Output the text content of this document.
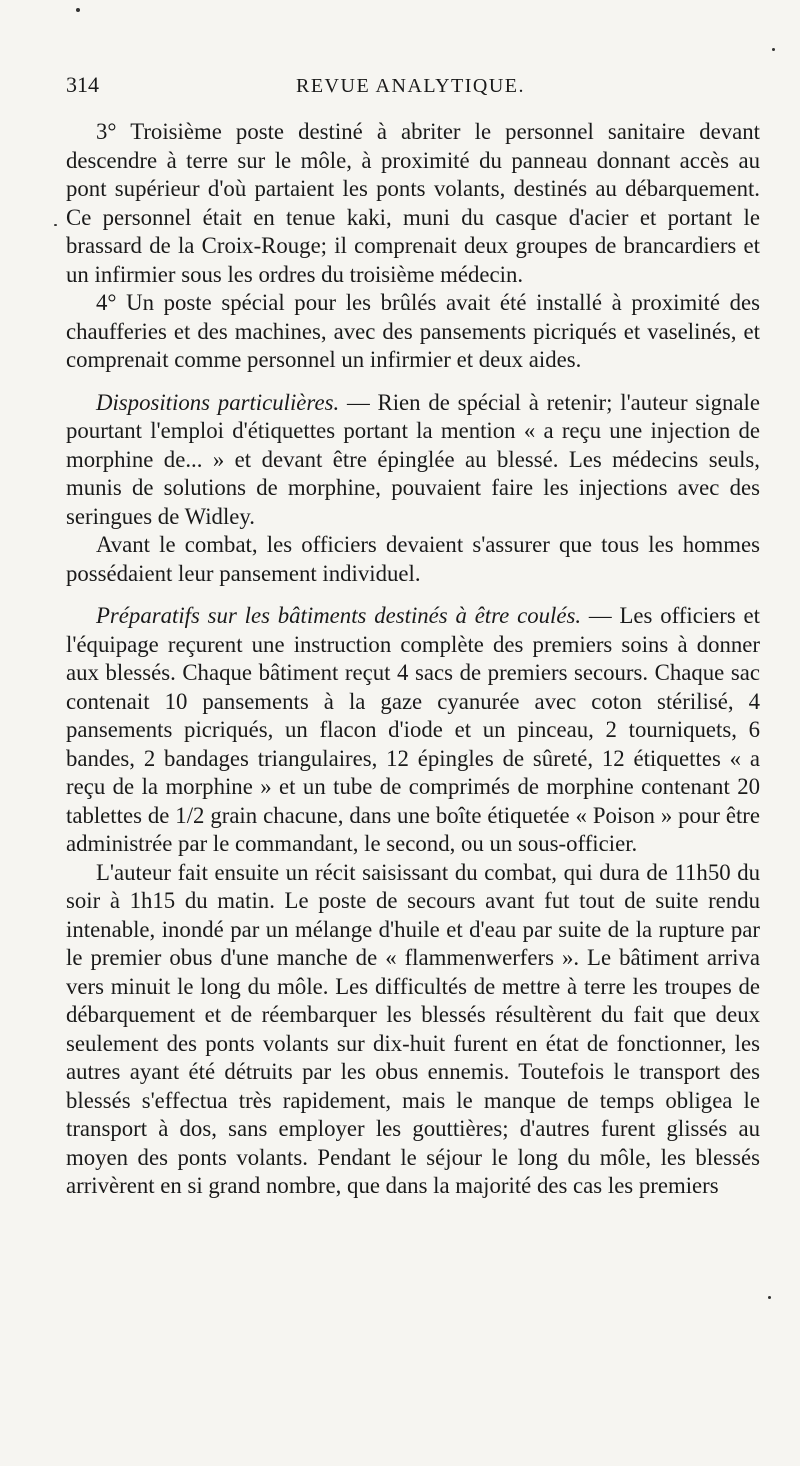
314	REVUE ANALYTIQUE.

3° Troisième poste destiné à abriter le personnel sanitaire devant descendre à terre sur le môle, à proximité du panneau donnant accès au pont supérieur d'où partaient les ponts volants, destinés au débarquement. Ce personnel était en tenue kaki, muni du casque d'acier et portant le brassard de la Croix-Rouge; il comprenait deux groupes de brancardiers et un infirmier sous les ordres du troisième médecin.

4° Un poste spécial pour les brûlés avait été installé à proximité des chaufferies et des machines, avec des pansements picriqués et vaselinés, et comprenait comme personnel un infirmier et deux aides.

Dispositions particulières. — Rien de spécial à retenir; l'auteur signale pourtant l'emploi d'étiquettes portant la mention « a reçu une injection de morphine de... » et devant être épinglée au blessé. Les médecins seuls, munis de solutions de morphine, pouvaient faire les injections avec des seringues de Widley.

Avant le combat, les officiers devaient s'assurer que tous les hommes possédaient leur pansement individuel.

Préparatifs sur les bâtiments destinés à être coulés. — Les officiers et l'équipage reçurent une instruction complète des premiers soins à donner aux blessés. Chaque bâtiment reçut 4 sacs de premiers secours. Chaque sac contenait 10 pansements à la gaze cyanurée avec coton stérilisé, 4 pansements picriqués, un flacon d'iode et un pinceau, 2 tourniquets, 6 bandes, 2 bandages triangulaires, 12 épingles de sûreté, 12 étiquettes « a reçu de la morphine » et un tube de comprimés de morphine contenant 20 tablettes de 1/2 grain chacune, dans une boîte étiquetée « Poison » pour être administrée par le commandant, le second, ou un sous-officier.

L'auteur fait ensuite un récit saisissant du combat, qui dura de 11h50 du soir à 1h15 du matin. Le poste de secours avant fut tout de suite rendu intenable, inondé par un mélange d'huile et d'eau par suite de la rupture par le premier obus d'une manche de « flammenwerfers ». Le bâtiment arriva vers minuit le long du môle. Les difficultés de mettre à terre les troupes de débarquement et de réembarquer les blessés résultèrent du fait que deux seulement des ponts volants sur dix-huit furent en état de fonctionner, les autres ayant été détruits par les obus ennemis. Toutefois le transport des blessés s'effectua très rapidement, mais le manque de temps obligea le transport à dos, sans employer les gouttières; d'autres furent glissés au moyen des ponts volants. Pendant le séjour le long du môle, les blessés arrivèrent en si grand nombre, que dans la majorité des cas les premiers
